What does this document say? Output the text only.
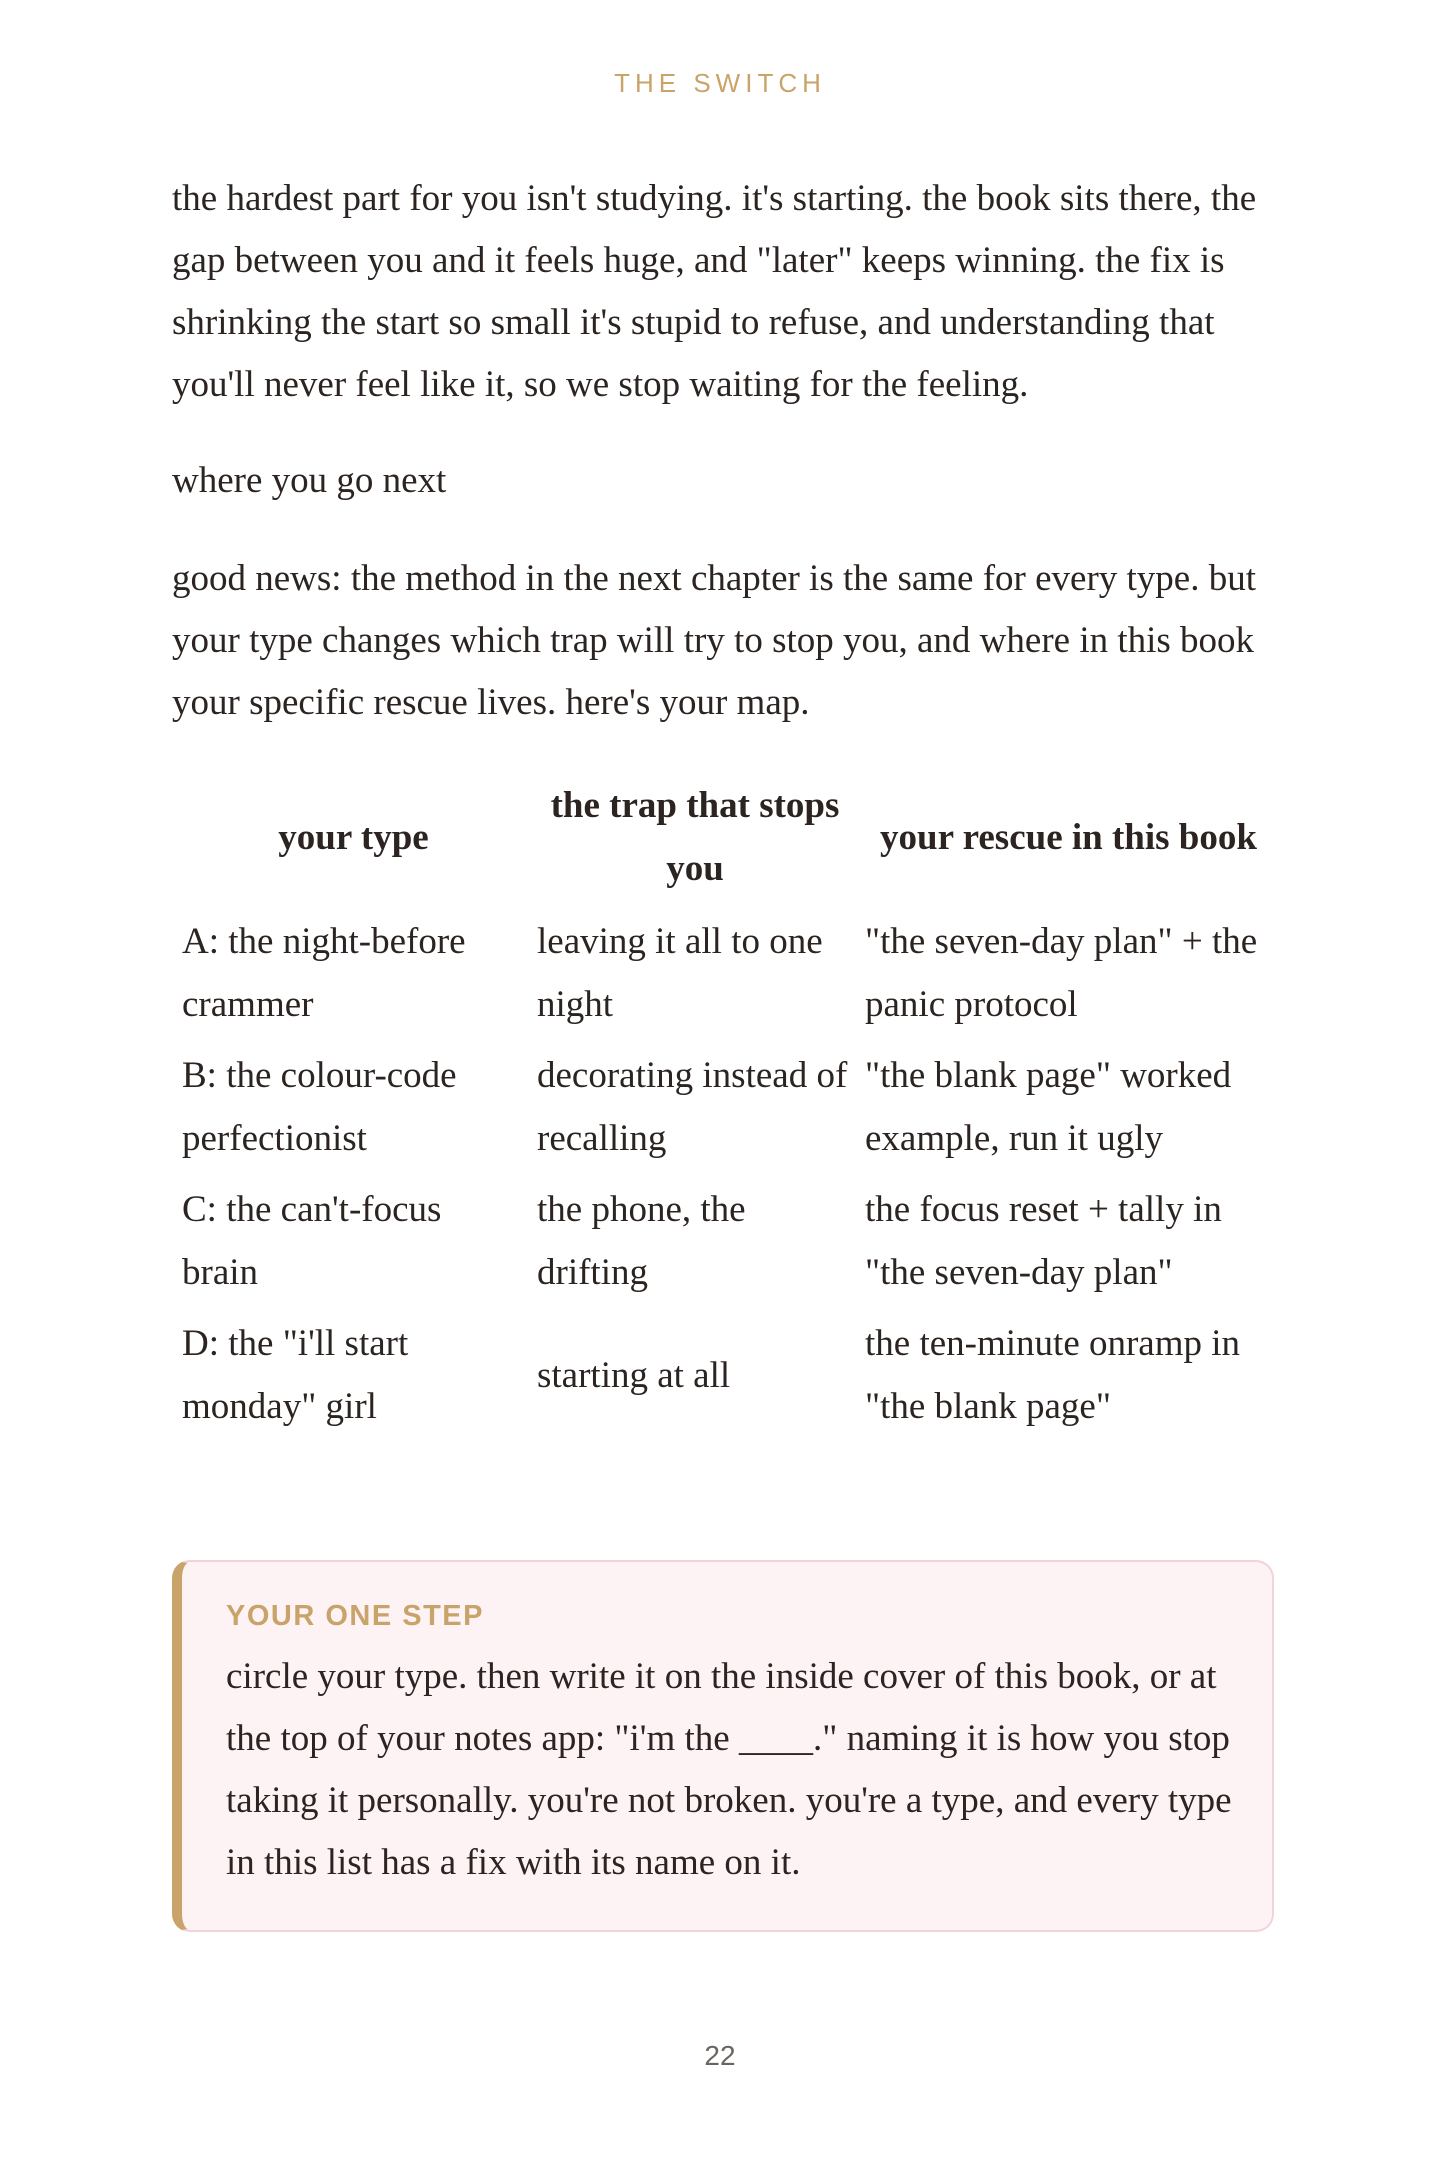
THE SWITCH

the hardest part for you isn't studying. it's starting. the book sits there, the gap between you and it feels huge, and "later" keeps winning. the fix is shrinking the start so small it's stupid to refuse, and understanding that you'll never feel like it, so we stop waiting for the feeling.

where you go next

good news: the method in the next chapter is the same for every type. but your type changes which trap will try to stop you, and where in this book your specific rescue lives. here's your map.

your type	the trap that stops you	your rescue in this book
A: the night-before crammer	leaving it all to one night	"the seven-day plan" + the panic protocol
B: the colour-code perfectionist	decorating instead of recalling	"the blank page" worked example, run it ugly
C: the can't-focus brain	the phone, the drifting	the focus reset + tally in "the seven-day plan"
D: the "i'll start monday" girl	starting at all	the ten-minute onramp in "the blank page"
YOUR ONE STEP
circle your type. then write it on the inside cover of this book, or at the top of your notes app: "i'm the ____." naming it is how you stop taking it personally. you're not broken. you're a type, and every type in this list has a fix with its name on it.
22
